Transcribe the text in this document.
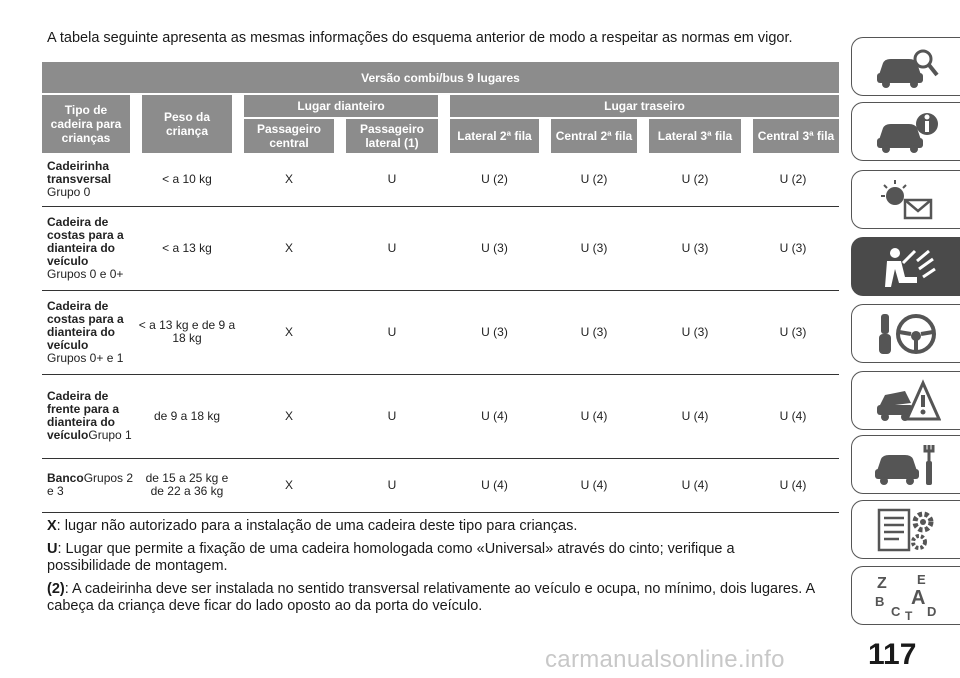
A tabela seguinte apresenta as mesmas informações do esquema anterior de modo a respeitar as normas em vigor.
Versão combi/bus 9 lugares							
Tipo de cadeira para crianças	Peso da criança	Lugar dianteiro		Lugar traseiro			
		Passageiro central	Passageiro lateral (1)	Lateral 2ª fila	Central 2ª fila	Lateral 3ª fila	Central 3ª fila
Cadeirinha transversal
Grupo 0	< a 10 kg	X	U	U (2)	U (2)	U (2)	U (2)
Cadeira de costas para a dianteira do veículo
Grupos 0 e 0+	< a 13 kg	X	U	U (3)	U (3)	U (3)	U (3)
Cadeira de costas para a dianteira do veículo
Grupos 0+ e 1	< a 13 kg e de 9 a 18 kg	X	U	U (3)	U (3)	U (3)	U (3)
Cadeira de frente para a dianteira do veículoGrupo 1	de 9 a 18 kg	X	U	U (4)	U (4)	U (4)	U (4)
BancoGrupos 2 e 3	de 15 a 25 kg e de 22 a 36 kg	X	U	U (4)	U (4)	U (4)	U (4)

X: lugar não autorizado para a instalação de uma cadeira deste tipo para crianças.

U: Lugar que permite a fixação de uma cadeira homologada como «Universal» através do cinto; verifique a possibilidade de montagem.

(2): A cadeirinha deve ser instalada no sentido transversal relativamente ao veículo e ocupa, no mínimo, dois lugares. A cabeça da criança deve ficar do lado oposto ao da porta do veículo.

Z E
B A
C D
T
carmanualsonline.info	117
